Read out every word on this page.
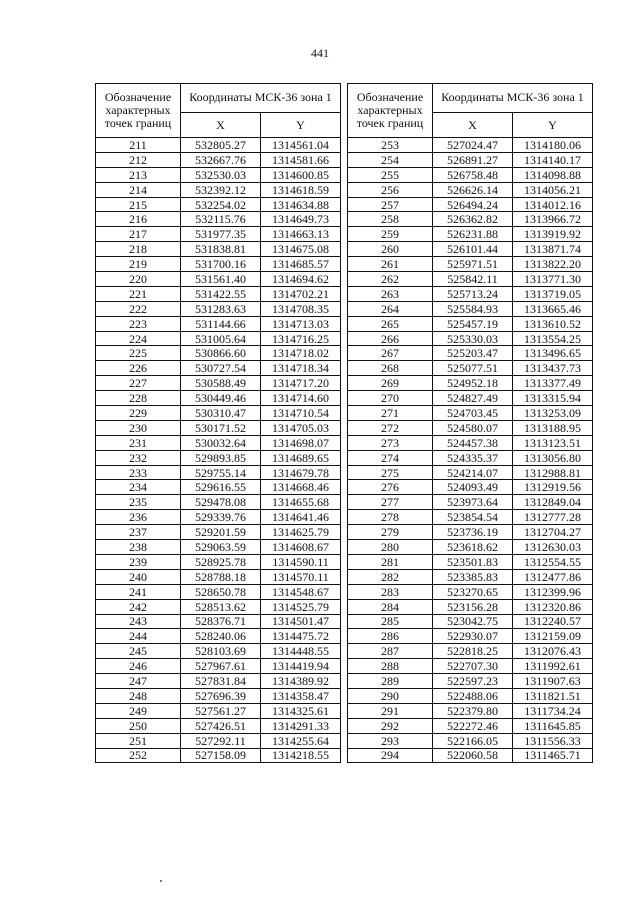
441
Обозначение характерных точек границ	Координаты МСК-36 зона 1	
	X	Y
211	532805.27	1314561.04
212	532667.76	1314581.66
213	532530.03	1314600.85
214	532392.12	1314618.59
215	532254.02	1314634.88
216	532115.76	1314649.73
217	531977.35	1314663.13
218	531838.81	1314675.08
219	531700.16	1314685.57
220	531561.40	1314694.62
221	531422.55	1314702.21
222	531283.63	1314708.35
223	531144.66	1314713.03
224	531005.64	1314716.25
225	530866.60	1314718.02
226	530727.54	1314718.34
227	530588.49	1314717.20
228	530449.46	1314714.60
229	530310.47	1314710.54
230	530171.52	1314705.03
231	530032.64	1314698.07
232	529893.85	1314689.65
233	529755.14	1314679.78
234	529616.55	1314668.46
235	529478.08	1314655.68
236	529339.76	1314641.46
237	529201.59	1314625.79
238	529063.59	1314608.67
239	528925.78	1314590.11
240	528788.18	1314570.11
241	528650.78	1314548.67
242	528513.62	1314525.79
243	528376.71	1314501.47
244	528240.06	1314475.72
245	528103.69	1314448.55
246	527967.61	1314419.94
247	527831.84	1314389.92
248	527696.39	1314358.47
249	527561.27	1314325.61
250	527426.51	1314291.33
251	527292.11	1314255.64
252	527158.09	1314218.55
Обозначение характерных точек границ	Координаты МСК-36 зона 1	
	X	Y
253	527024.47	1314180.06
254	526891.27	1314140.17
255	526758.48	1314098.88
256	526626.14	1314056.21
257	526494.24	1314012.16
258	526362.82	1313966.72
259	526231.88	1313919.92
260	526101.44	1313871.74
261	525971.51	1313822.20
262	525842.11	1313771.30
263	525713.24	1313719.05
264	525584.93	1313665.46
265	525457.19	1313610.52
266	525330.03	1313554.25
267	525203.47	1313496.65
268	525077.51	1313437.73
269	524952.18	1313377.49
270	524827.49	1313315.94
271	524703.45	1313253.09
272	524580.07	1313188.95
273	524457.38	1313123.51
274	524335.37	1313056.80
275	524214.07	1312988.81
276	524093.49	1312919.56
277	523973.64	1312849.04
278	523854.54	1312777.28
279	523736.19	1312704.27
280	523618.62	1312630.03
281	523501.83	1312554.55
282	523385.83	1312477.86
283	523270.65	1312399.96
284	523156.28	1312320.86
285	523042.75	1312240.57
286	522930.07	1312159.09
287	522818.25	1312076.43
288	522707.30	1311992.61
289	522597.23	1311907.63
290	522488.06	1311821.51
291	522379.80	1311734.24
292	522272.46	1311645.85
293	522166.05	1311556.33
294	522060.58	1311465.71
